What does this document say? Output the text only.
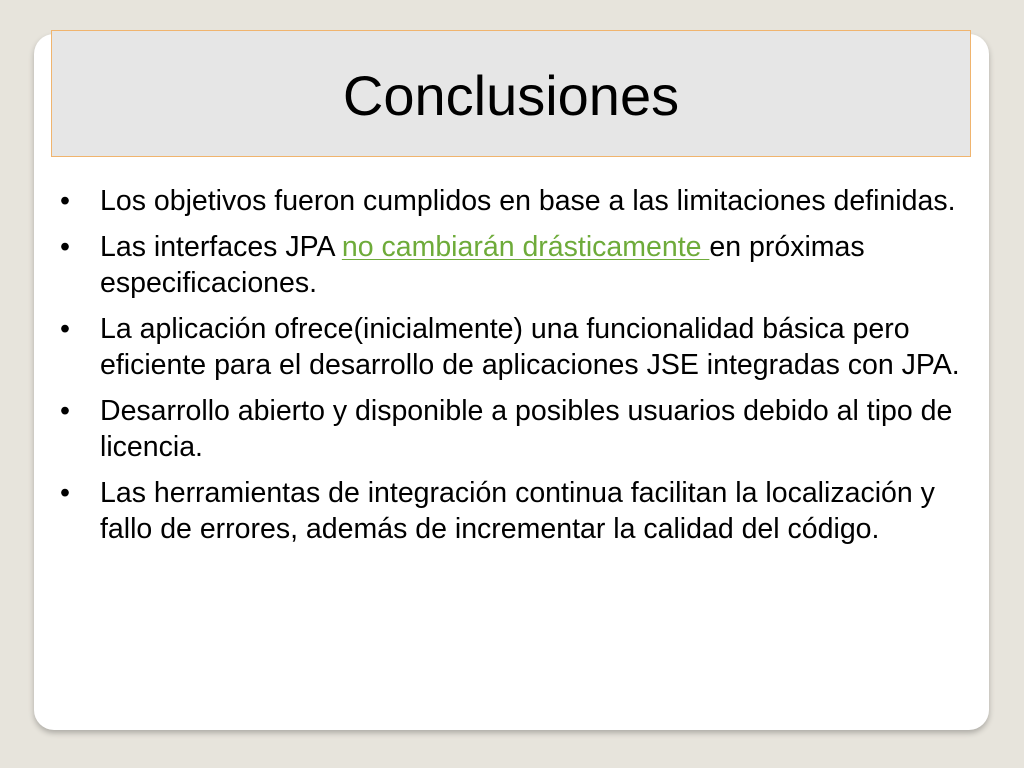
Conclusiones
• Los objetivos fueron cumplidos en base a las limitaciones definidas.
• Las interfaces JPA no cambiarán drásticamente en próximas especificaciones.
• La aplicación ofrece(inicialmente) una funcionalidad básica pero eficiente para el desarrollo de aplicaciones JSE integradas con JPA.
• Desarrollo abierto y disponible a posibles usuarios debido al tipo de licencia.
• Las herramientas de integración continua facilitan la localización y fallo de errores, además de incrementar la calidad del código.
